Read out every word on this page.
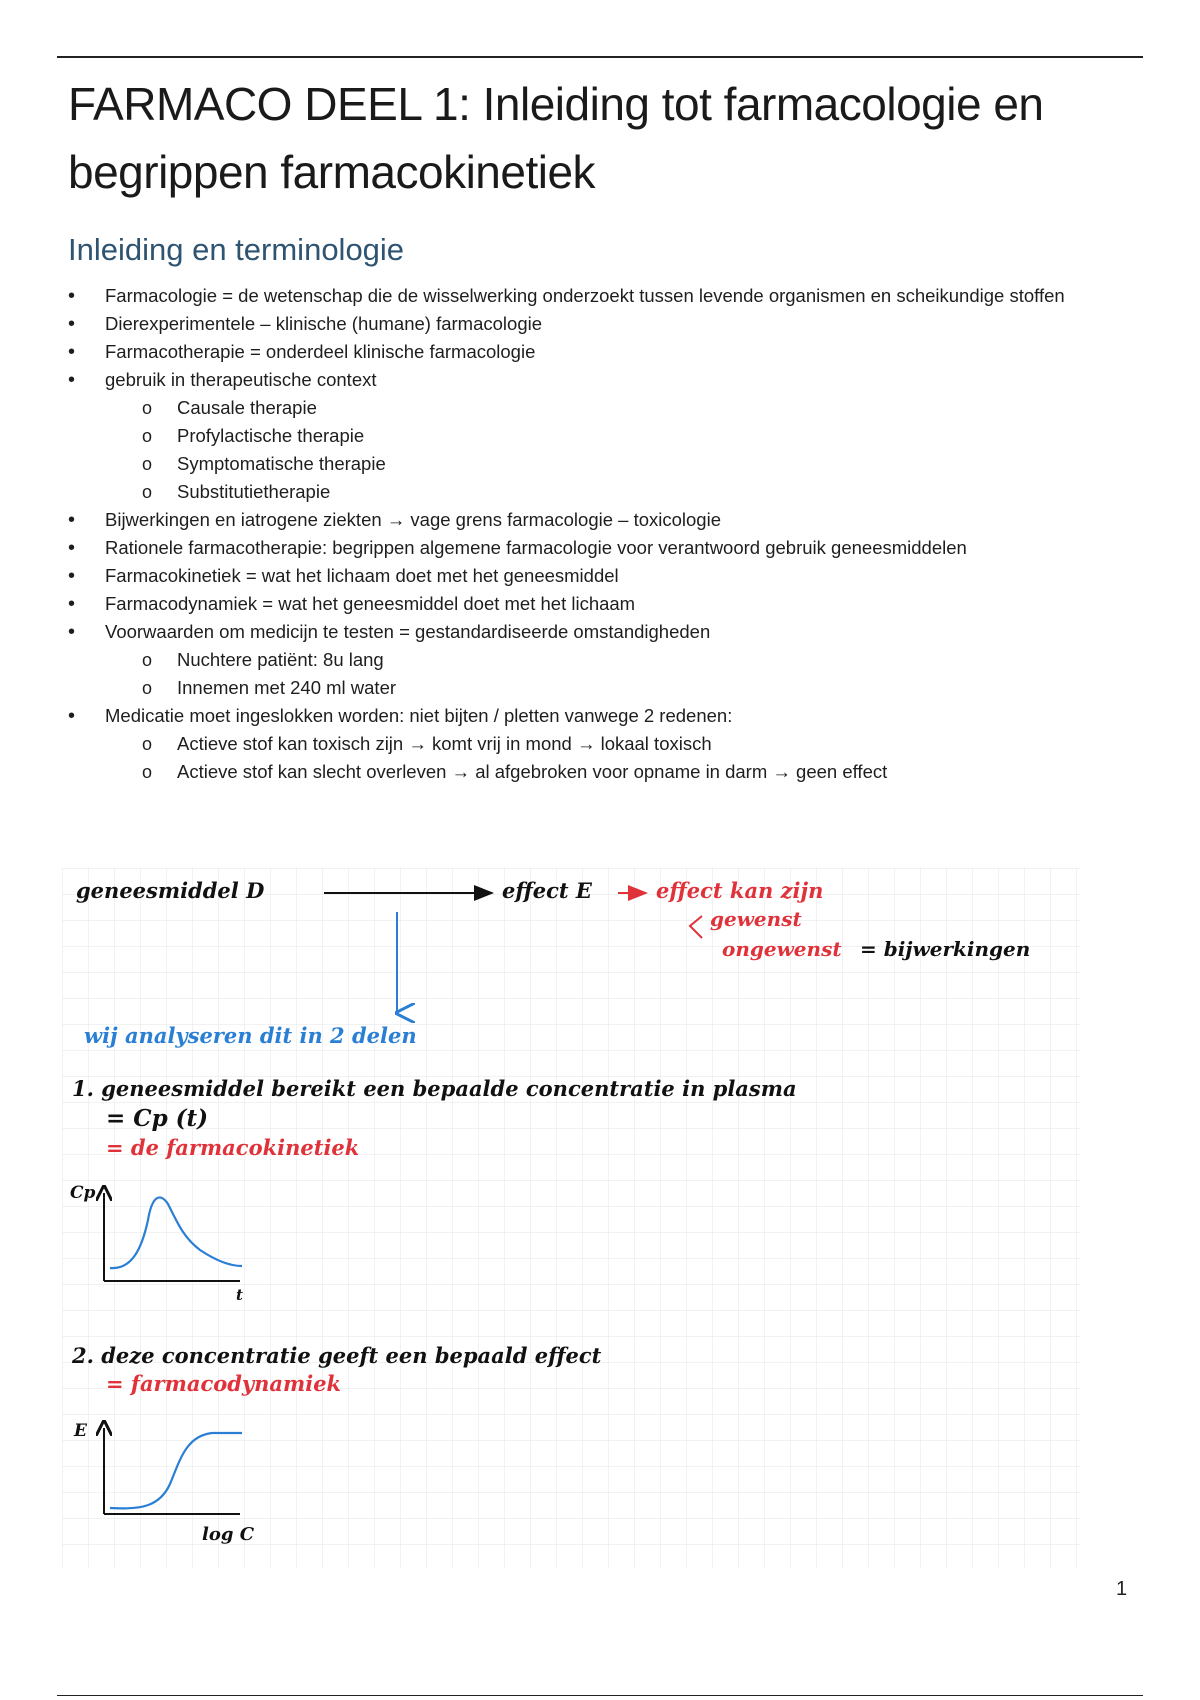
FARMACO DEEL 1: Inleiding tot farmacologie en begrippen farmacokinetiek
Inleiding en terminologie
• Farmacologie = de wetenschap die de wisselwerking onderzoekt tussen levende organismen en scheikundige stoffen
• Dierexperimentele – klinische (humane) farmacologie
• Farmacotherapie = onderdeel klinische farmacologie
• gebruik in therapeutische context
o Causale therapie
o Profylactische therapie
o Symptomatische therapie
o Substitutietherapie
• Bijwerkingen en iatrogene ziekten → vage grens farmacologie – toxicologie
• Rationele farmacotherapie: begrippen algemene farmacologie voor verantwoord gebruik geneesmiddelen
• Farmacokinetiek = wat het lichaam doet met het geneesmiddel
• Farmacodynamiek = wat het geneesmiddel doet met het lichaam
• Voorwaarden om medicijn te testen = gestandardiseerde omstandigheden
o Nuchtere patiënt: 8u lang
o Innemen met 240 ml water
• Medicatie moet ingeslokken worden: niet bijten / pletten vanwege 2 redenen:
o Actieve stof kan toxisch zijn → komt vrij in mond → lokaal toxisch
o Actieve stof kan slecht overleven → al afgebroken voor opname in darm → geen effect
geneesmiddel D	effect E	effect kan zijn
gewenst
ongewenst = bijwerkingen
wij analyseren dit in 2 delen
1. geneesmiddel bereikt een bepaalde concentratie in plasma
= Cp (t)
= de farmacokinetiek
Cp
t
2. deze concentratie geeft een bepaald effect
= farmacodynamiek
E
log C
1
